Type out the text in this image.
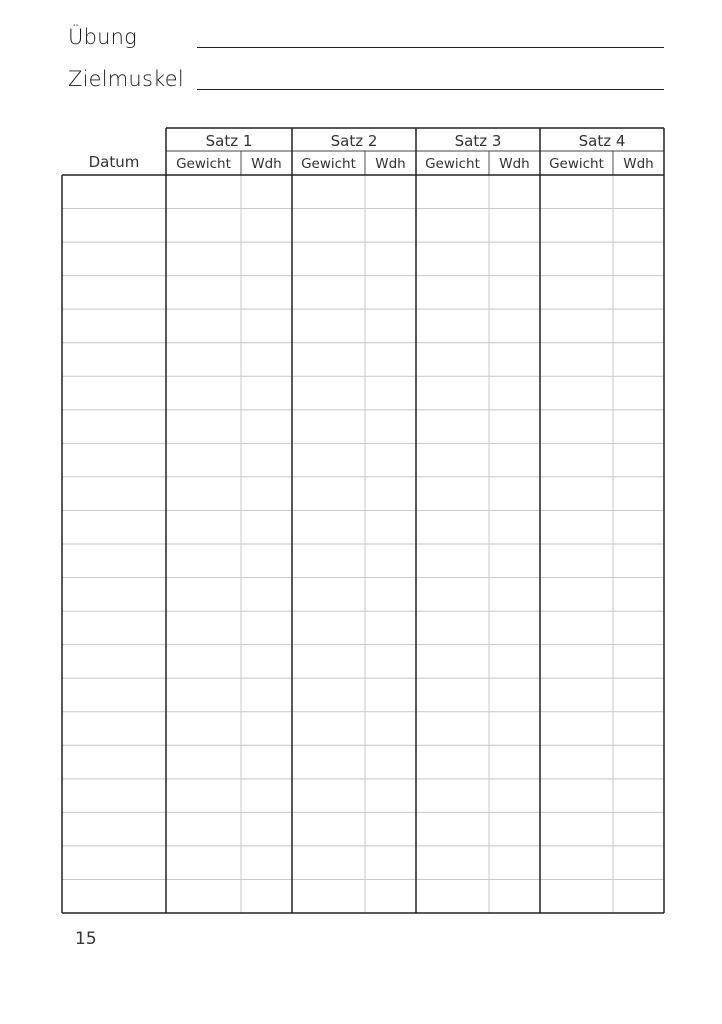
Übung
Zielmuskel
Datum
Satz 1
Gewicht Wdh
Satz 2
Gewicht Wdh
Satz 3
Gewicht Wdh
Satz 4
Gewicht Wdh
15
